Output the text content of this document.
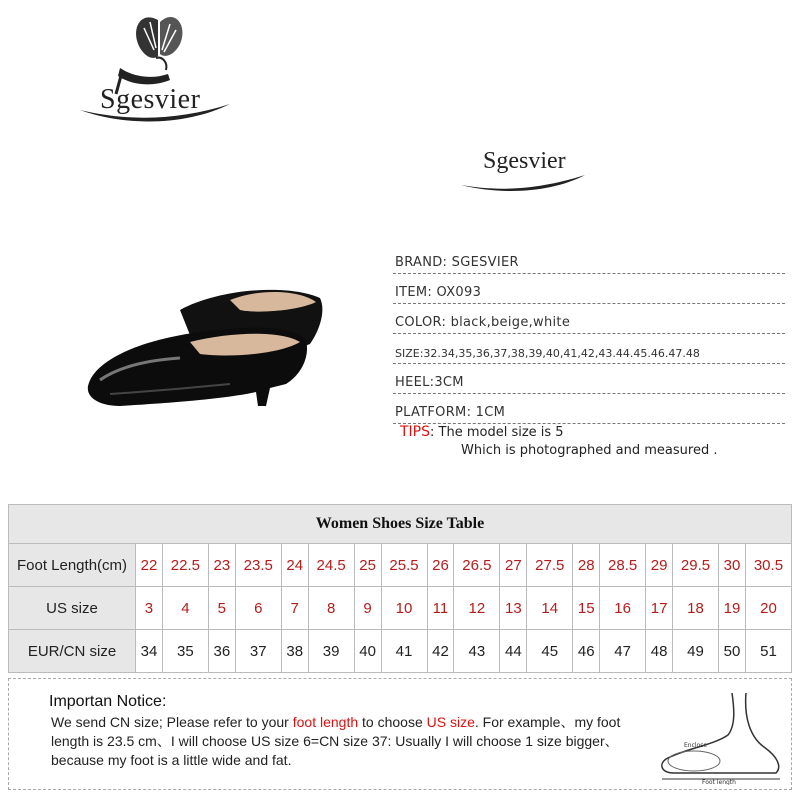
Sgesvier
Sgesvier
BRAND: SGESVIER
ITEM: OX093
COLOR: black,beige,white
SIZE:32.34,35,36,37,38,39,40,41,42,43.44.45.46.47.48
HEEL:3CM
PLATFORM: 1CM
TIPS: The model size is 5
Which is photographed and measured .
Women Shoes Size Table																		
Foot Length(cm)	22	22.5	23	23.5	24	24.5	25	25.5	26	26.5	27	27.5	28	28.5	29	29.5	30	30.5
US size	3	4	5	6	7	8	9	10	11	12	13	14	15	16	17	18	19	20
EUR/CN size	34	35	36	37	38	39	40	41	42	43	44	45	46	47	48	49	50	51
Importan Notice:
We send CN size; Please refer to your foot length to choose US size. For example、my foot length is 23.5 cm、I will choose US size 6=CN size 37: Usually I will choose 1 size bigger、because my foot is a little wide and fat.
Enclose
Foot length
